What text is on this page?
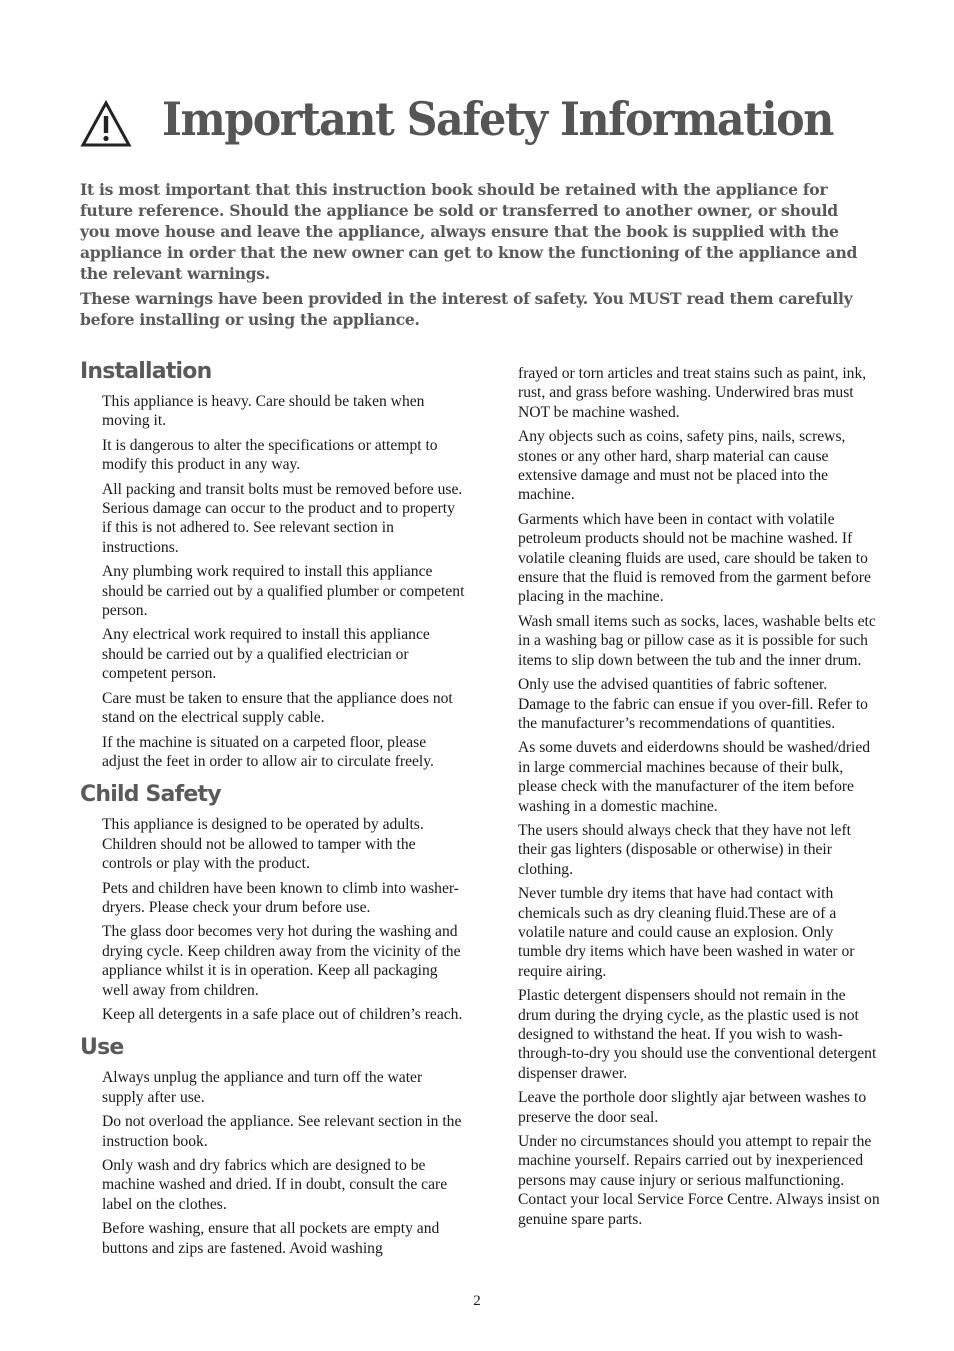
Important Safety Information

It is most important that this instruction book should be retained with the appliance for future reference. Should the appliance be sold or transferred to another owner, or should you move house and leave the appliance, always ensure that the book is supplied with the appliance in order that the new owner can get to know the functioning of the appliance and the relevant warnings.

These warnings have been provided in the interest of safety. You MUST read them carefully before installing or using the appliance.

Installation

This appliance is heavy. Care should be taken when moving it.

It is dangerous to alter the specifications or attempt to modify this product in any way.

All packing and transit bolts must be removed before use. Serious damage can occur to the product and to property if this is not adhered to. See relevant section in instructions.

Any plumbing work required to install this appliance should be carried out by a qualified plumber or competent person.

Any electrical work required to install this appliance should be carried out by a qualified electrician or competent person.

Care must be taken to ensure that the appliance does not stand on the electrical supply cable.

If the machine is situated on a carpeted floor, please adjust the feet in order to allow air to circulate freely.

Child Safety

This appliance is designed to be operated by adults. Children should not be allowed to tamper with the controls or play with the product.

Pets and children have been known to climb into washer-dryers. Please check your drum before use.

The glass door becomes very hot during the washing and drying cycle. Keep children away from the vicinity of the appliance whilst it is in operation. Keep all packaging well away from children.

Keep all detergents in a safe place out of children’s reach.

Use

Always unplug the appliance and turn off the water supply after use.

Do not overload the appliance. See relevant section in the instruction book.

Only wash and dry fabrics which are designed to be machine washed and dried. If in doubt, consult the care label on the clothes.

Before washing, ensure that all pockets are empty and buttons and zips are fastened. Avoid washing

frayed or torn articles and treat stains such as paint, ink, rust, and grass before washing. Underwired bras must NOT be machine washed.

Any objects such as coins, safety pins, nails, screws, stones or any other hard, sharp material can cause extensive damage and must not be placed into the machine.

Garments which have been in contact with volatile petroleum products should not be machine washed. If volatile cleaning fluids are used, care should be taken to ensure that the fluid is removed from the garment before placing in the machine.

Wash small items such as socks, laces, washable belts etc in a washing bag or pillow case as it is possible for such items to slip down between the tub and the inner drum.

Only use the advised quantities of fabric softener. Damage to the fabric can ensue if you over-fill. Refer to the manufacturer’s recommendations of quantities.

As some duvets and eiderdowns should be washed/dried in large commercial machines because of their bulk, please check with the manufacturer of the item before washing in a domestic machine.

The users should always check that they have not left their gas lighters (disposable or otherwise) in their clothing.

Never tumble dry items that have had contact with chemicals such as dry cleaning fluid.These are of a volatile nature and could cause an explosion. Only tumble dry items which have been washed in water or require airing.

Plastic detergent dispensers should not remain in the drum during the drying cycle, as the plastic used is not designed to withstand the heat. If you wish to wash-through-to-dry you should use the conventional detergent dispenser drawer.

Leave the porthole door slightly ajar between washes to preserve the door seal.

Under no circumstances should you attempt to repair the machine yourself. Repairs carried out by inexperienced persons may cause injury or serious malfunctioning. Contact your local Service Force Centre. Always insist on genuine spare parts.

2
